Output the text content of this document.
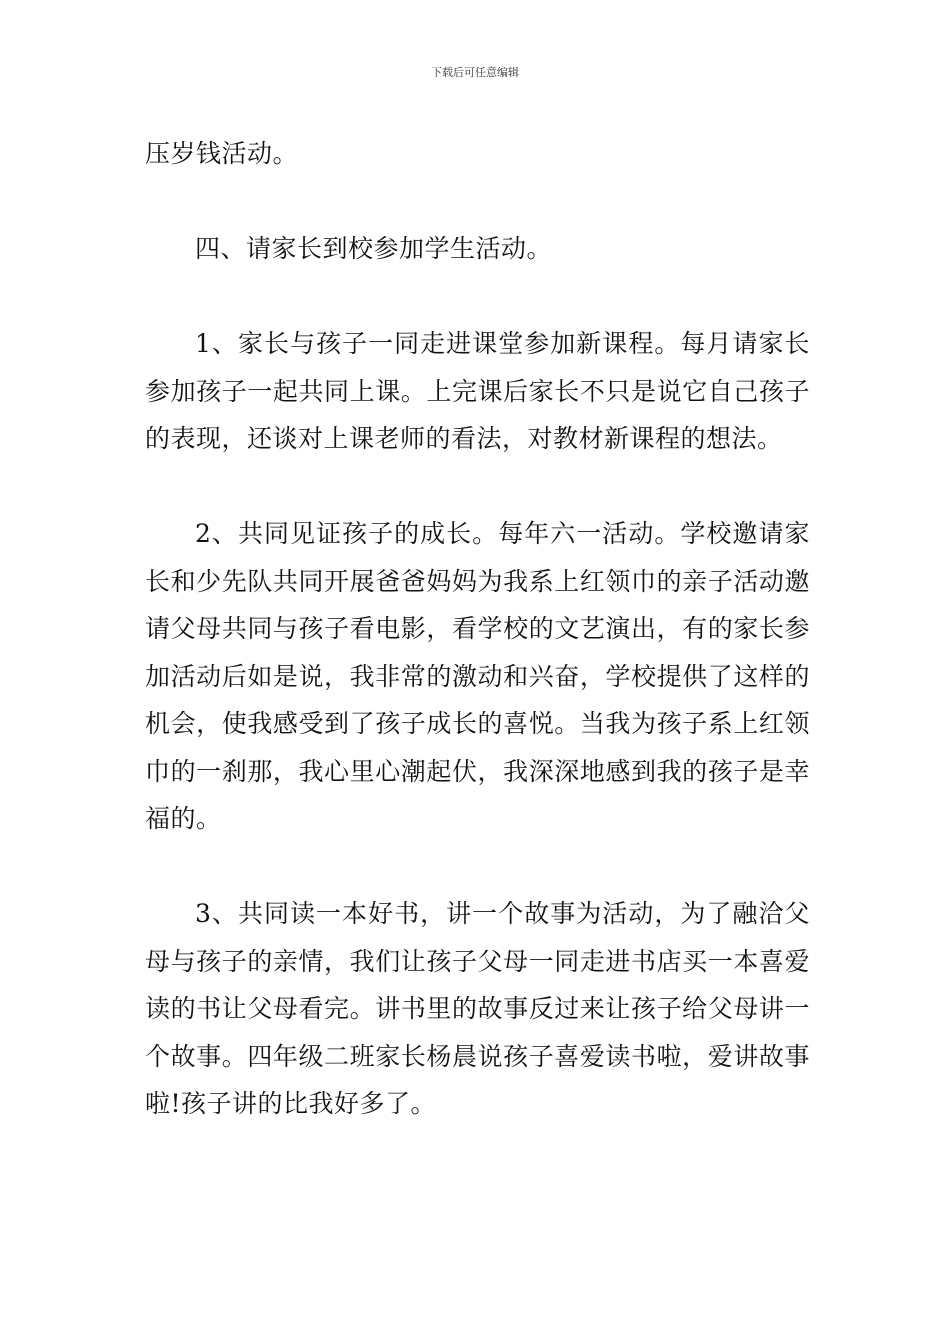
下载后可任意编辑

压岁钱活动。

四、请家长到校参加学生活动。

1、家长与孩子一同走进课堂参加新课程。每月请家长参加孩子一起共同上课。上完课后家长不只是说它自己孩子的表现，还谈对上课老师的看法，对教材新课程的想法。

2、共同见证孩子的成长。每年六一活动。学校邀请家长和少先队共同开展爸爸妈妈为我系上红领巾的亲子活动邀请父母共同与孩子看电影，看学校的文艺演出，有的家长参加活动后如是说，我非常的激动和兴奋，学校提供了这样的机会，使我感受到了孩子成长的喜悦。当我为孩子系上红领巾的一刹那，我心里心潮起伏，我深深地感到我的孩子是幸福的。

3、共同读一本好书，讲一个故事为活动，为了融洽父母与孩子的亲情，我们让孩子父母一同走进书店买一本喜爱读的书让父母看完。讲书里的故事反过来让孩子给父母讲一个故事。四年级二班家长杨晨说孩子喜爱读书啦，爱讲故事啦!孩子讲的比我好多了。
